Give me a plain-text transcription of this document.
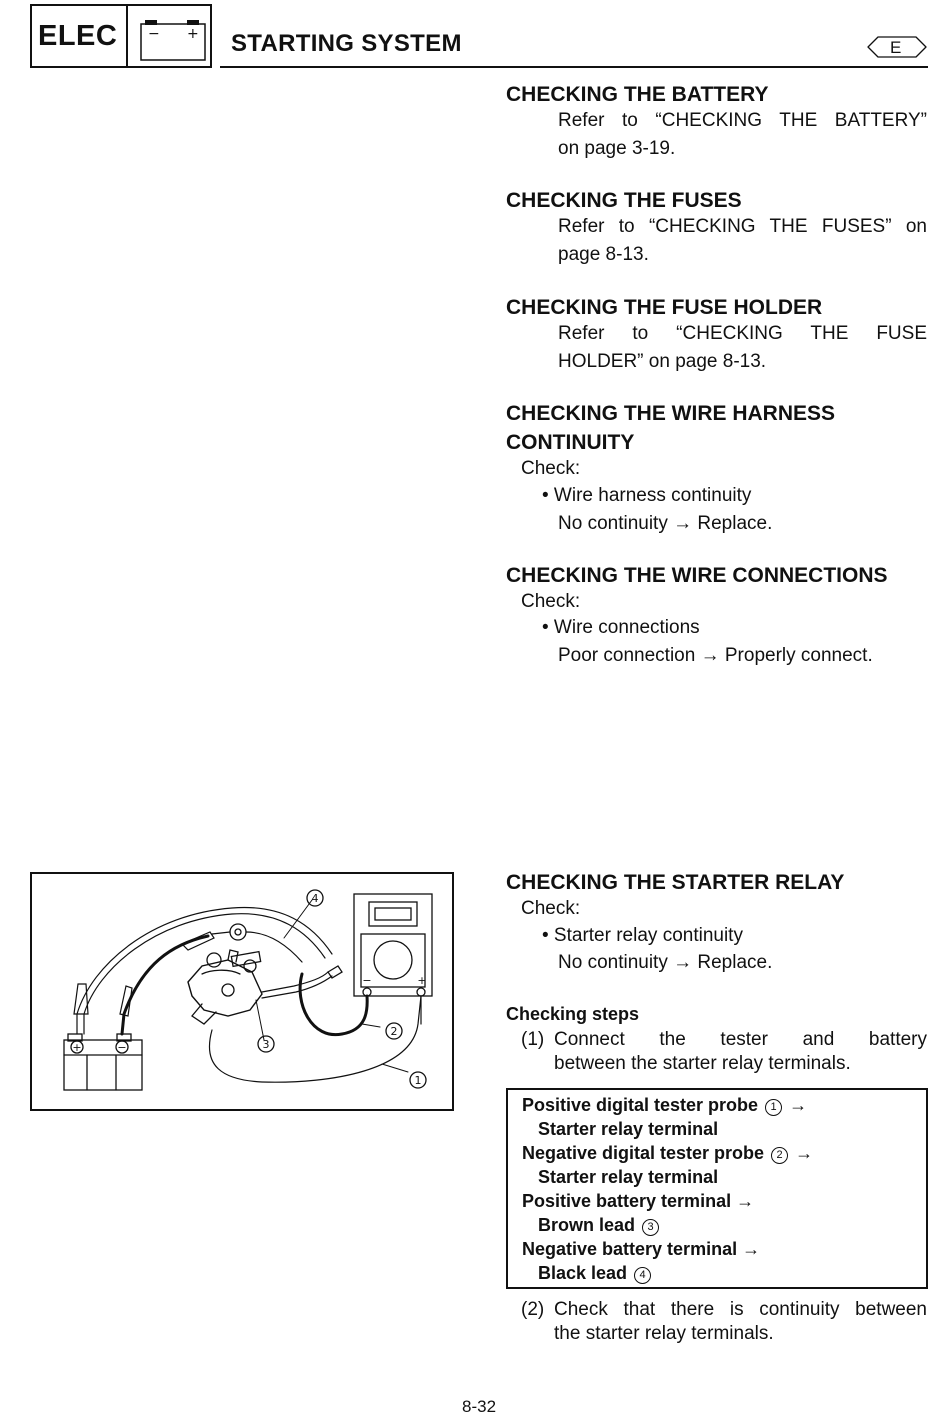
ELEC − + STARTING SYSTEM	E
CHECKING THE BATTERY
Refer to “CHECKING THE BATTERY”
on page 3-19.
CHECKING THE FUSES
Refer to “CHECKING THE FUSES” on
page 8-13.
CHECKING THE FUSE HOLDER
Refer to “CHECKING THE FUSE
HOLDER” on page 8-13.
CHECKING THE WIRE HARNESS
CONTINUITY
Check:
• Wire harness continuity
No continuity → Replace.
CHECKING THE WIRE CONNECTIONS
Check:
• Wire connections
Poor connection → Properly connect.
4
3
2
1
+	−
−	+
CHECKING THE STARTER RELAY
Check:
• Starter relay continuity
No continuity → Replace.
Checking steps
(1) Connect the tester and battery
between the starter relay terminals.
Positive digital tester probe 1 →
Starter relay terminal
Negative digital tester probe 2 →
Starter relay terminal
Positive battery terminal →
Brown lead 3
Negative battery terminal →
Black lead 4
(2) Check that there is continuity between
the starter relay terminals.
8-32
